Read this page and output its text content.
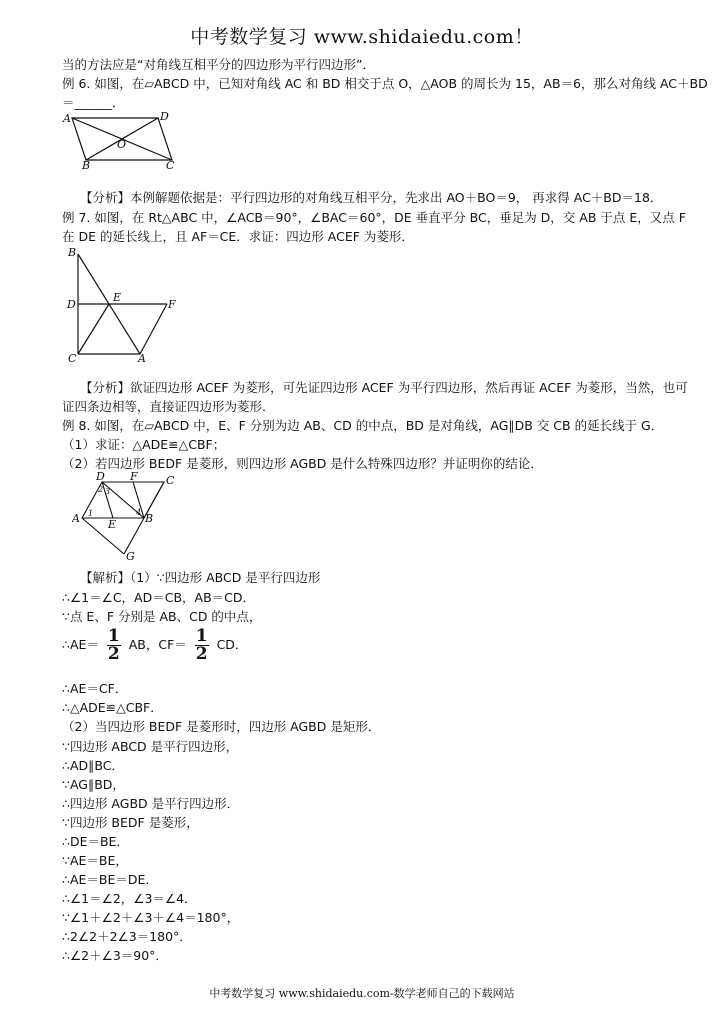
中考数学复习 www.shidaiedu.com！
当的方法应是“对角线互相平分的四边形为平行四边形”．
例 6. 如图，在▱ABCD 中，已知对角线 AC 和 BD 相交于点 O，△AOB 的周长为 15，AB＝6，那么对角线 AC＋BD
＝______．
A	D
B	C
O
【分析】本例解题依据是：平行四边形的对角线互相平分，先求出 AO＋BO＝9， 再求得 AC＋BD＝18．
例 7. 如图，在 Rt△ABC 中，∠ACB＝90°，∠BAC＝60°，DE 垂直平分 BC，垂足为 D，交 AB 于点 E，又点 F
在 DE 的延长线上，且 AF＝CE．求证：四边形 ACEF 为菱形．
B
D
E
F
C	A
【分析】欲证四边形 ACEF 为菱形，可先证四边形 ACEF 为平行四边形，然后再证 ACEF 为菱形，当然，也可
证四条边相等，直接证四边形为菱形．
例 8. 如图，在▱ABCD 中，E、F 分别为边 AB、CD 的中点，BD 是对角线，AG∥DB 交 CB 的延长线于 G．
（1）求证：△ADE≌△CBF；
（2）若四边形 BEDF 是菱形，则四边形 AGBD 是什么特殊四边形？并证明你的结论．
D F	C
A	E	B
G
2 3
1	4
【解析】（1）∵四边形 ABCD 是平行四边形
∴∠1＝∠C，AD＝CB，AB＝CD．
∵点 E、F 分别是 AB、CD 的中点，
∴AE＝ $\frac{1}{2}$ AB，$CF= \frac{1}{2}$ CD．
∴AE＝CF．
∴△ADE≌△CBF．
（2）当四边形 BEDF 是菱形时，四边形 AGBD 是矩形．
∵四边形 ABCD 是平行四边形，
∴AD∥BC．
∵AG∥BD，
∴四边形 AGBD 是平行四边形．
∵四边形 BEDF 是菱形，
∴DE＝BE．
∵AE＝BE，
∴AE＝BE＝DE．
∴∠1＝∠2，∠3＝∠4．
∵∠1＋∠2＋∠3＋∠4＝180°，
∴2∠2＋2∠3＝180°．
∴∠2＋∠3＝90°．
中考数学复习 www.shidaiedu.com-数学老师自己的下载网站
